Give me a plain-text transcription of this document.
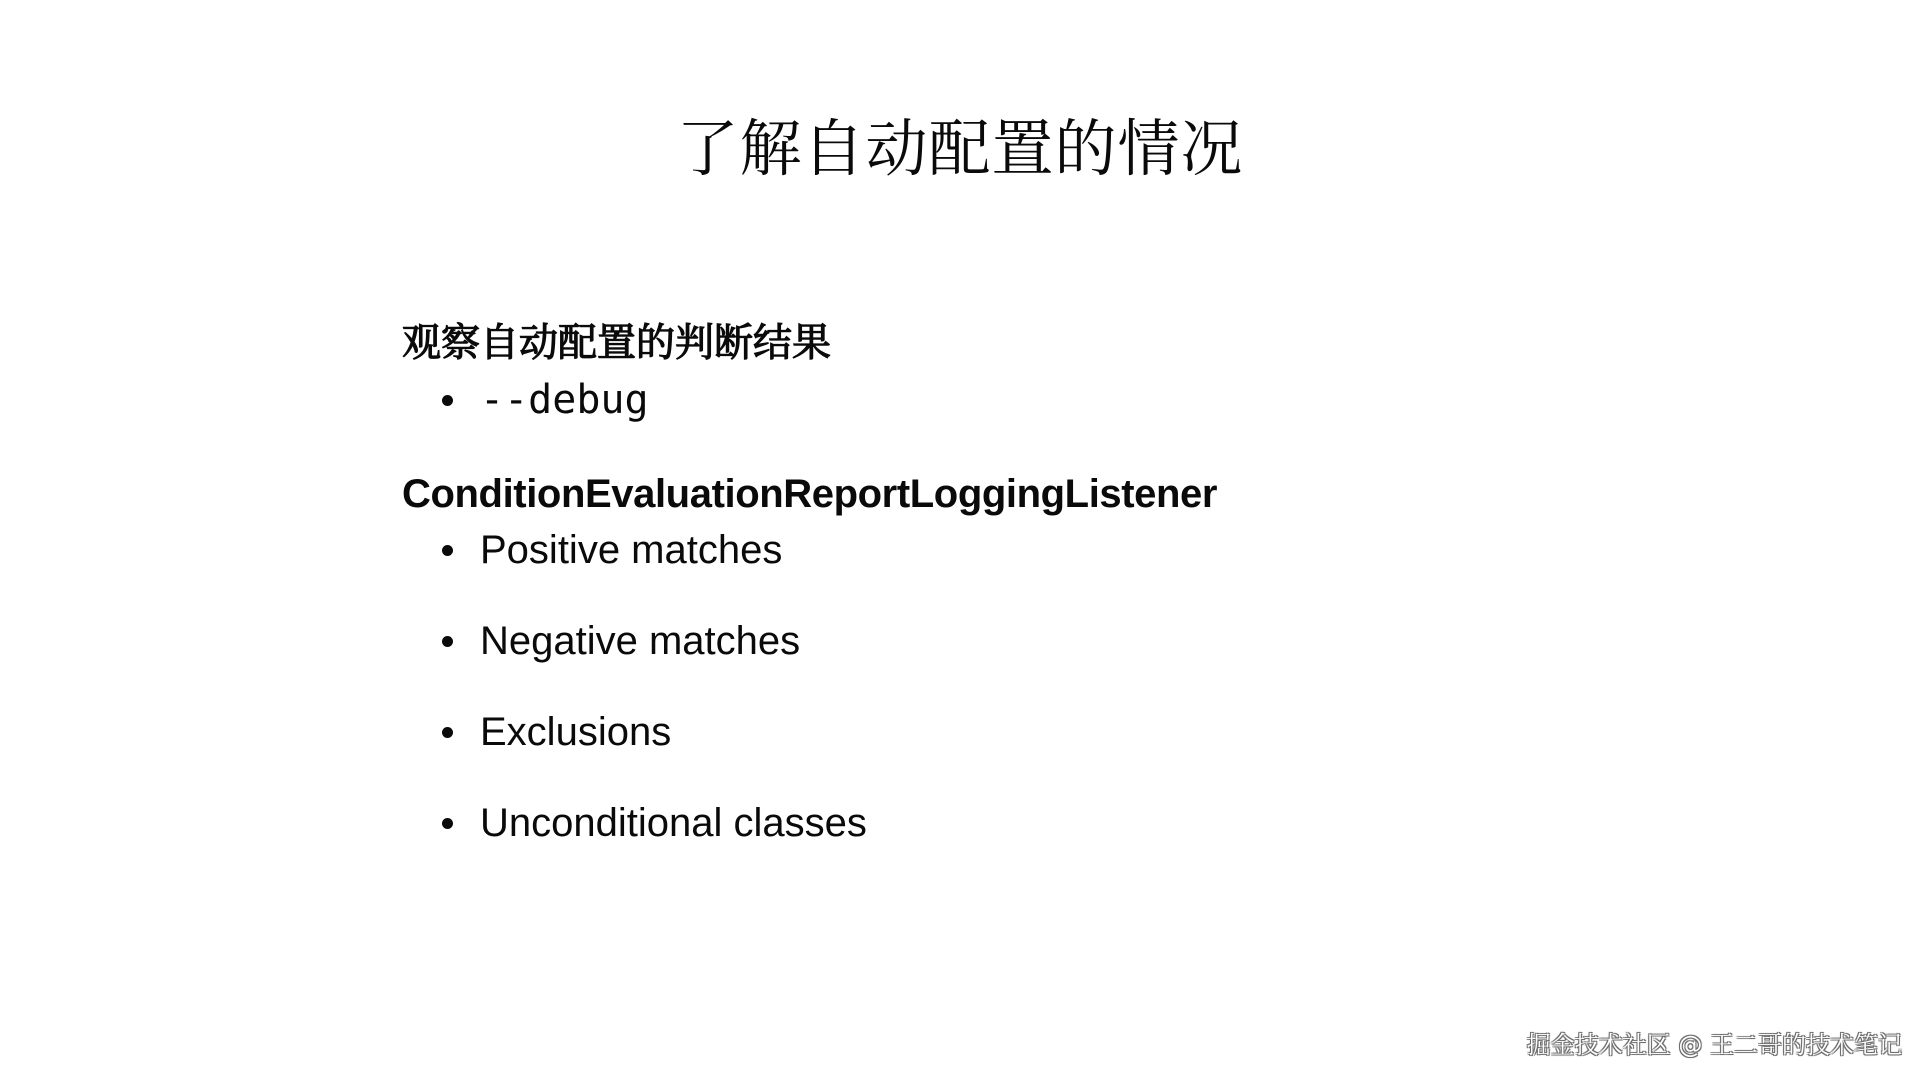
了解自动配置的情况
观察自动配置的判断结果
--debug
ConditionEvaluationReportLoggingListener
Positive matches
Negative matches
Exclusions
Unconditional classes
掘金技术社区 @ 王二哥的技术笔记
